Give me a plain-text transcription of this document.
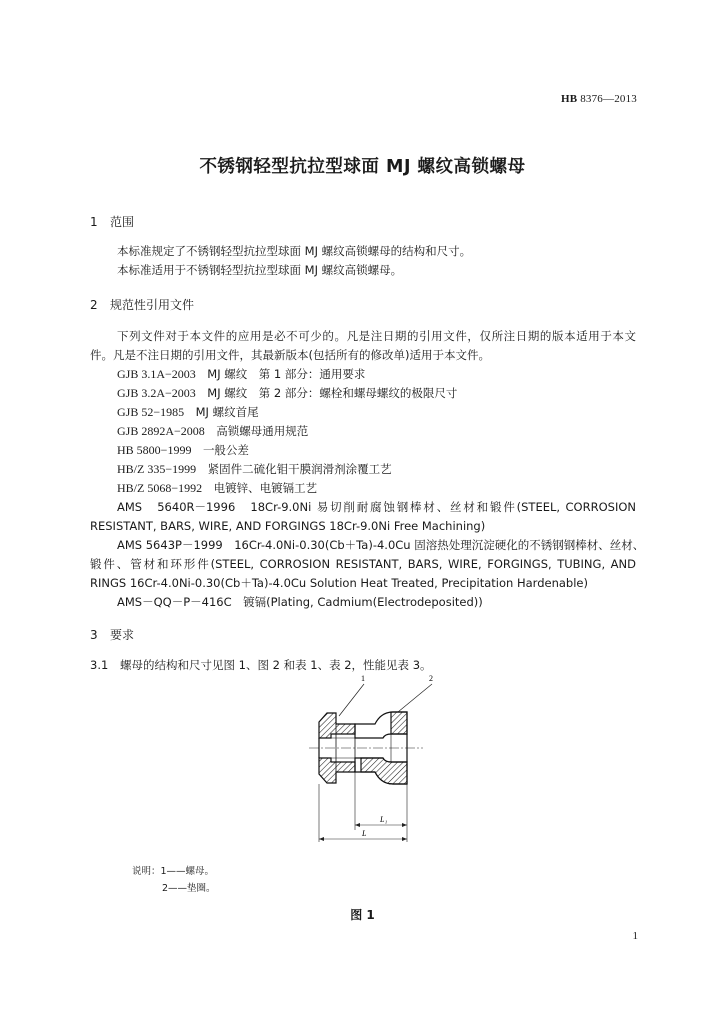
HB 8376—2013
不锈钢轻型抗拉型球面 MJ 螺纹高锁螺母
1 范围
本标准规定了不锈钢轻型抗拉型球面 MJ 螺纹高锁螺母的结构和尺寸。
本标准适用于不锈钢轻型抗拉型球面 MJ 螺纹高锁螺母。
2 规范性引用文件
下列文件对于本文件的应用是必不可少的。凡是注日期的引用文件，仅所注日期的版本适用于本文
件。凡是不注日期的引用文件，其最新版本(包括所有的修改单)适用于本文件。
GJB 3.1A−2003　 MJ 螺纹　第 1 部分：通用要求
GJB 3.2A−2003　 MJ 螺纹　第 2 部分：螺栓和螺母螺纹的极限尺寸
GJB 52−1985　 MJ 螺纹首尾
GJB 2892A−2008　 高锁螺母通用规范
HB 5800−1999　 一般公差
HB/Z 335−1999　 紧固件二硫化钼干膜润滑剂涂覆工艺
HB/Z 5068−1992　 电镀锌、电镀镉工艺
AMS　5640R－1996　18Cr-9.0Ni 易切削耐腐蚀钢棒材、丝材和锻件(STEEL, CORROSION
RESISTANT, BARS, WIRE, AND FORGINGS 18Cr-9.0Ni Free Machining)
AMS 5643P－1999　16Cr-4.0Ni-0.30(Cb＋Ta)-4.0Cu 固溶热处理沉淀硬化的不锈钢钢棒材、丝材、
锻件、管材和环形件(STEEL, CORROSION RESISTANT, BARS, WIRE, FORGINGS, TUBING, AND
RINGS 16Cr-4.0Ni-0.30(Cb＋Ta)-4.0Cu Solution Heat Treated, Precipitation Hardenable)
AMS－QQ－P－416C　镀镉(Plating, Cadmium(Electrodeposited))
3 要求
3.1 螺母的结构和尺寸见图 1、图 2 和表 1、表 2，性能见表 3。
1	2
L₁
L
说明：1——螺母。
2——垫圈。
图 1
1
